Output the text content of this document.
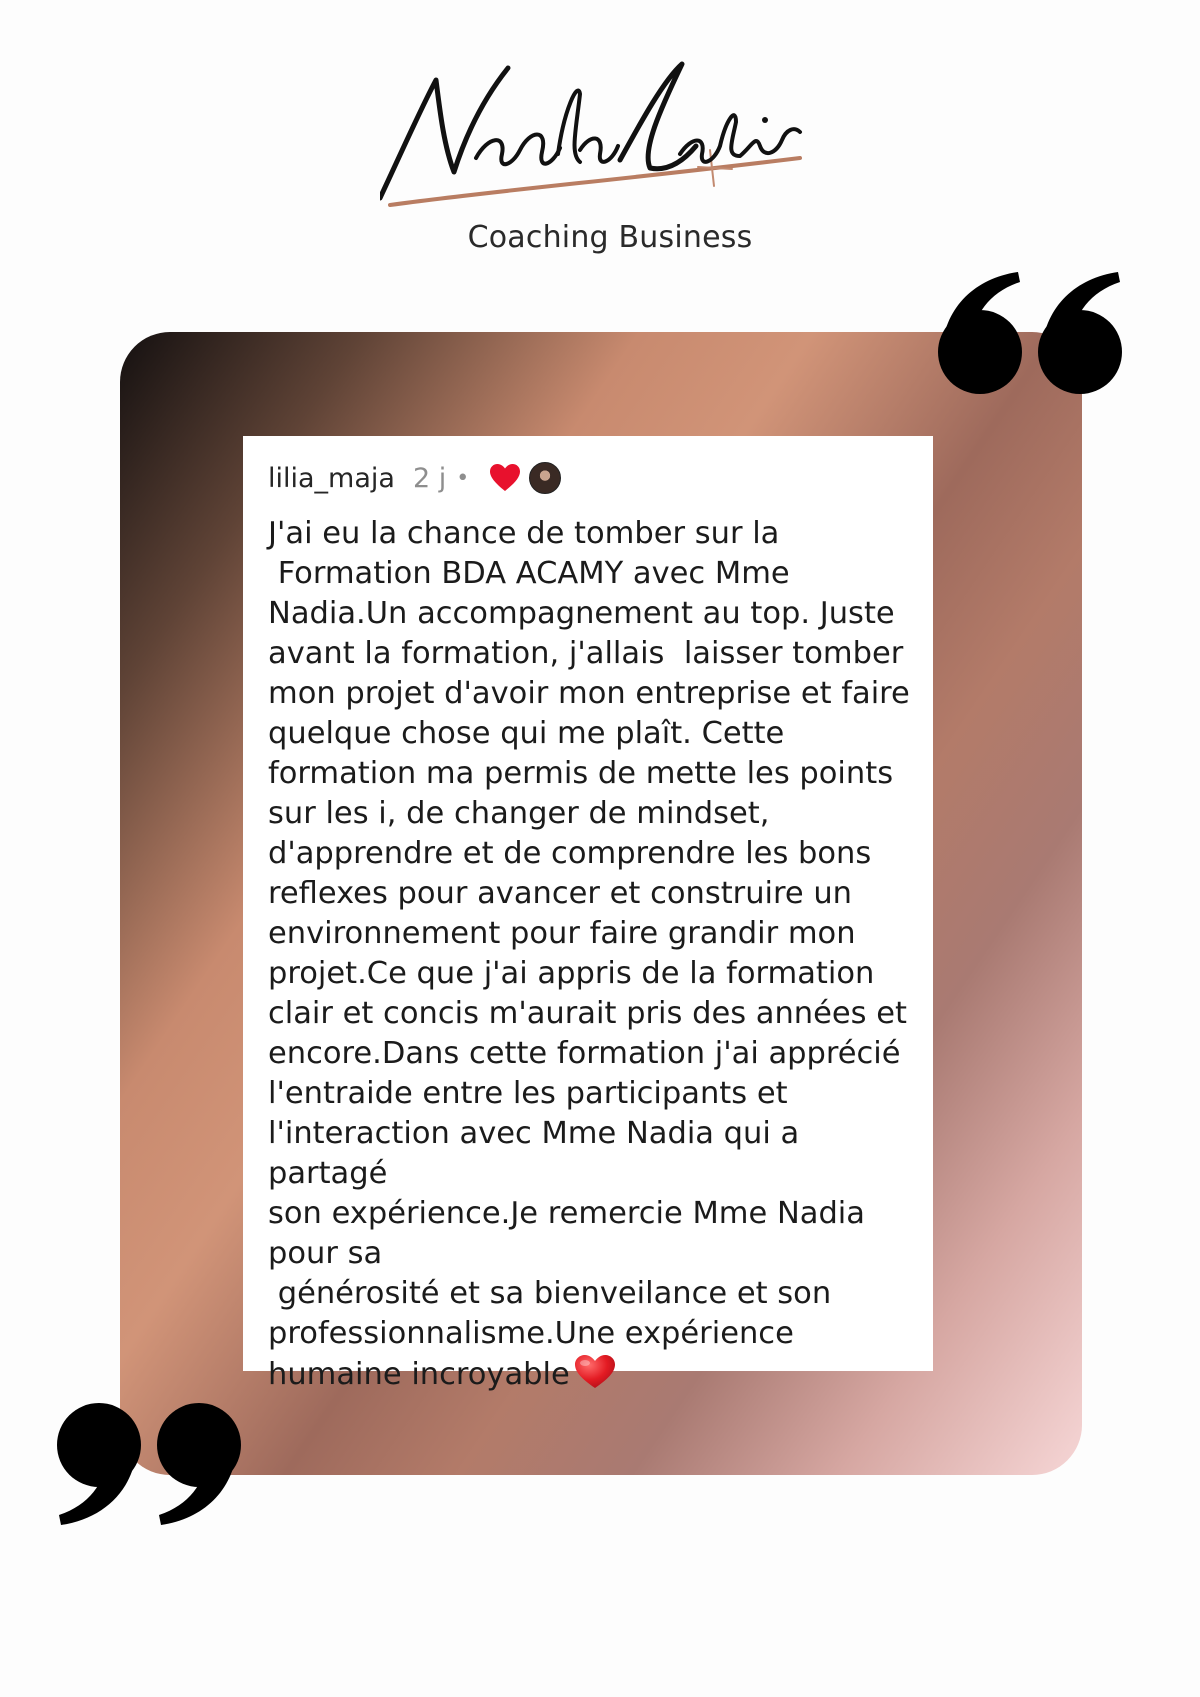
Coaching Business
lilia_maja 2 j •

J'ai eu la chance de tomber sur la
Formation BDA ACAMY avec Mme
Nadia.Un accompagnement au top. Juste
avant la formation, j'allais  laisser tomber
mon projet d'avoir mon entreprise et faire
quelque chose qui me plaît. Cette
formation ma permis de mette les points
sur les i, de changer de mindset,
d'apprendre et de comprendre les bons
reflexes pour avancer et construire un
environnement pour faire grandir mon
projet.Ce que j'ai appris de la formation
clair et concis m'aurait pris des années et
encore.Dans cette formation j'ai apprécié
l'entraide entre les participants et
l'interaction avec Mme Nadia qui a partagé
son expérience.Je remercie Mme Nadia
pour sa
générosité et sa bienveilance et son
professionnalisme.Une expérience
humaine incroyable
